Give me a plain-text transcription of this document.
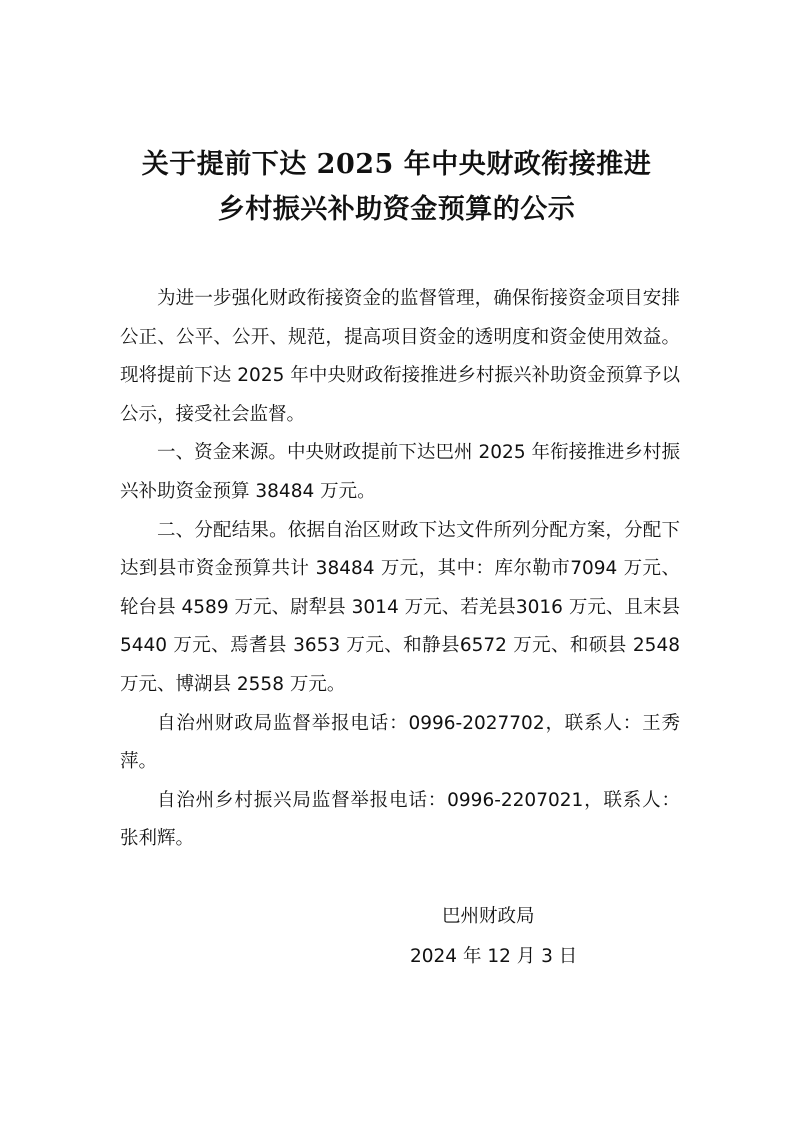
关于提前下达 2025 年中央财政衔接推进
乡村振兴补助资金预算的公示

为进一步强化财政衔接资金的监督管理，确保衔接资金项目安排公正、公平、公开、规范，提高项目资金的透明度和资金使用效益。现将提前下达 2025 年中央财政衔接推进乡村振兴补助资金预算予以公示，接受社会监督。

一、资金来源。中央财政提前下达巴州 2025 年衔接推进乡村振兴补助资金预算 38484 万元。

二、分配结果。依据自治区财政下达文件所列分配方案，分配下达到县市资金预算共计 38484 万元，其中：库尔勒市7094 万元、轮台县 4589 万元、尉犁县 3014 万元、若羌县3016 万元、且末县 5440 万元、焉耆县 3653 万元、和静县6572 万元、和硕县 2548 万元、博湖县 2558 万元。

自治州财政局监督举报电话：0996-2027702，联系人：王秀萍。

自治州乡村振兴局监督举报电话：0996-2207021，联系人：张利辉。

巴州财政局
2024 年 12 月 3 日
